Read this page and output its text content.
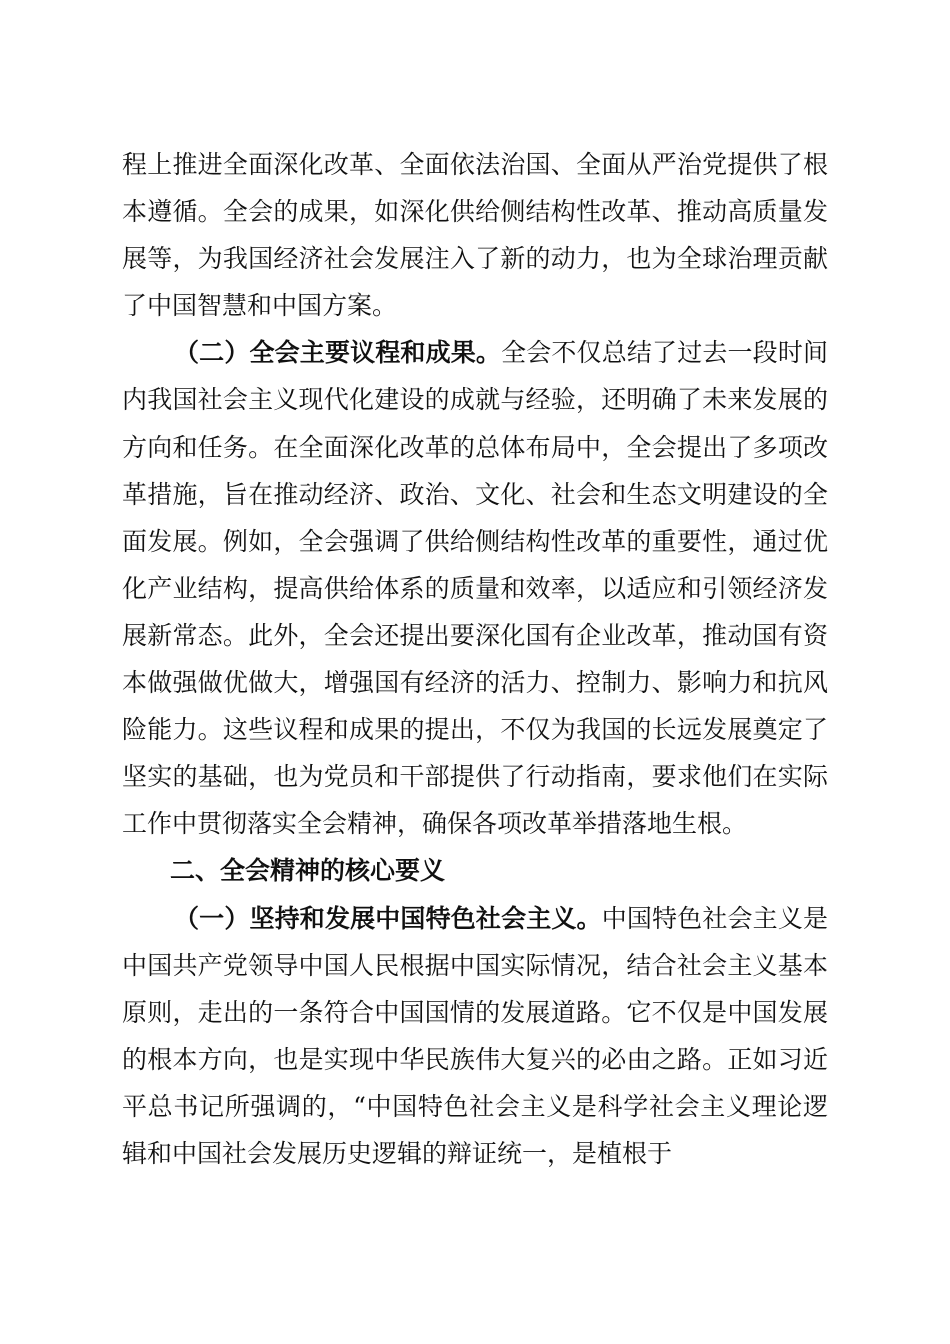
程上推进全面深化改革、全面依法治国、全面从严治党提供了根本遵循。全会的成果，如深化供给侧结构性改革、推动高质量发展等，为我国经济社会发展注入了新的动力，也为全球治理贡献了中国智慧和中国方案。

（二）全会主要议程和成果。全会不仅总结了过去一段时间内我国社会主义现代化建设的成就与经验，还明确了未来发展的方向和任务。在全面深化改革的总体布局中，全会提出了多项改革措施，旨在推动经济、政治、文化、社会和生态文明建设的全面发展。例如，全会强调了供给侧结构性改革的重要性，通过优化产业结构，提高供给体系的质量和效率，以适应和引领经济发展新常态。此外，全会还提出要深化国有企业改革，推动国有资本做强做优做大，增强国有经济的活力、控制力、影响力和抗风险能力。这些议程和成果的提出，不仅为我国的长远发展奠定了坚实的基础，也为党员和干部提供了行动指南，要求他们在实际工作中贯彻落实全会精神，确保各项改革举措落地生根。

二、全会精神的核心要义

（一）坚持和发展中国特色社会主义。中国特色社会主义是中国共产党领导中国人民根据中国实际情况，结合社会主义基本原则，走出的一条符合中国国情的发展道路。它不仅是中国发展的根本方向，也是实现中华民族伟大复兴的必由之路。正如习近平总书记所强调的，“中国特色社会主义是科学社会主义理论逻辑和中国社会发展历史逻辑的辩证统一，是植根于
